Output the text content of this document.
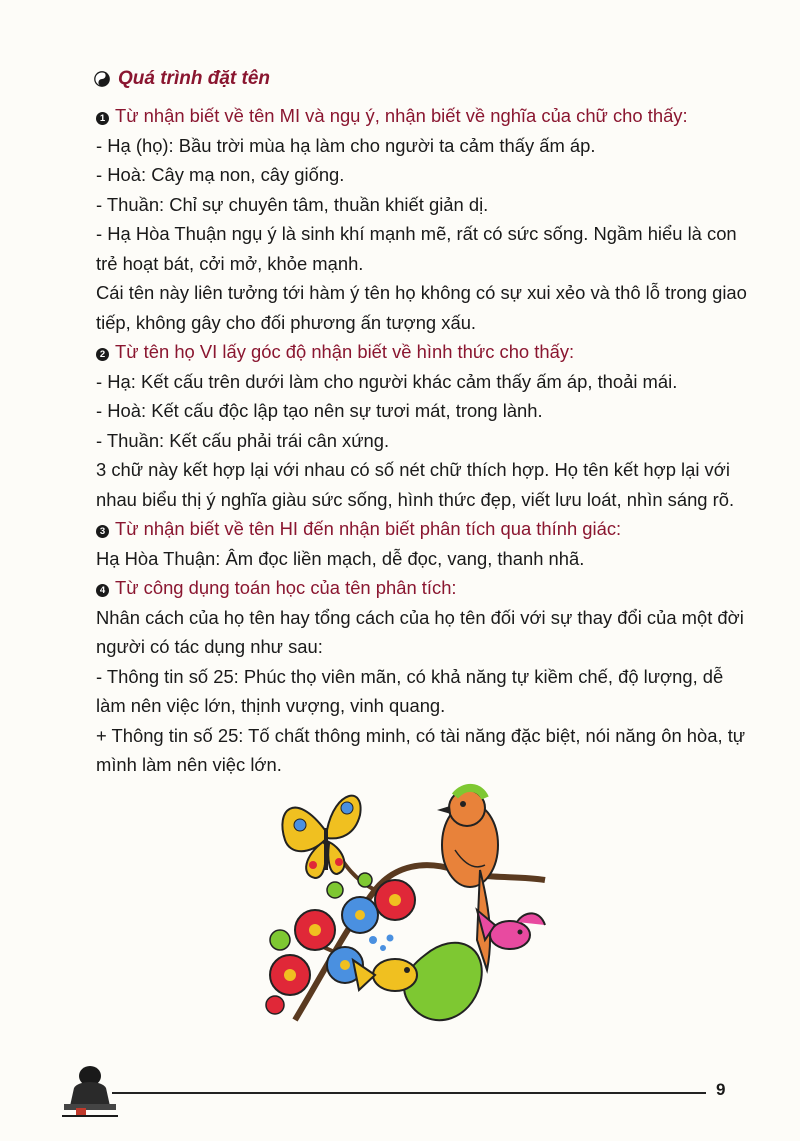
Quá trình đặt tên

1 Từ nhận biết về tên MI và ngụ ý, nhận biết về nghĩa của chữ cho thấy:

- Hạ (họ): Bầu trời mùa hạ làm cho người ta cảm thấy ấm áp.

- Hoà: Cây mạ non, cây giống.

- Thuần: Chỉ sự chuyên tâm, thuần khiết giản dị.

- Hạ Hòa Thuận ngụ ý là sinh khí mạnh mẽ, rất có sức sống. Ngầm hiểu là con trẻ hoạt bát, cởi mở, khỏe mạnh.

Cái tên này liên tưởng tới hàm ý tên họ không có sự xui xẻo và thô lỗ trong giao tiếp, không gây cho đối phương ấn tượng xấu.

2 Từ tên họ VI lấy góc độ nhận biết về hình thức cho thấy:

- Hạ: Kết cấu trên dưới làm cho người khác cảm thấy ấm áp, thoải mái.

- Hoà: Kết cấu độc lập tạo nên sự tươi mát, trong lành.

- Thuần: Kết cấu phải trái cân xứng.

3 chữ này kết hợp lại với nhau có số nét chữ thích hợp. Họ tên kết hợp lại với nhau biểu thị ý nghĩa giàu sức sống, hình thức đẹp, viết lưu loát, nhìn sáng rõ.

3 Từ nhận biết về tên HI đến nhận biết phân tích qua thính giác:

Hạ Hòa Thuận: Âm đọc liền mạch, dễ đọc, vang, thanh nhã.

4 Từ công dụng toán học của tên phân tích:

Nhân cách của họ tên hay tổng cách của họ tên đối với sự thay đổi của một đời người có tác dụng như sau:

- Thông tin số 25: Phúc thọ viên mãn, có khả năng tự kiềm chế, độ lượng, dễ làm nên việc lớn, thịnh vượng, vinh quang.

+ Thông tin số 25: Tố chất thông minh, có tài năng đặc biệt, nói năng ôn hòa, tự mình làm nên việc lớn.

9
